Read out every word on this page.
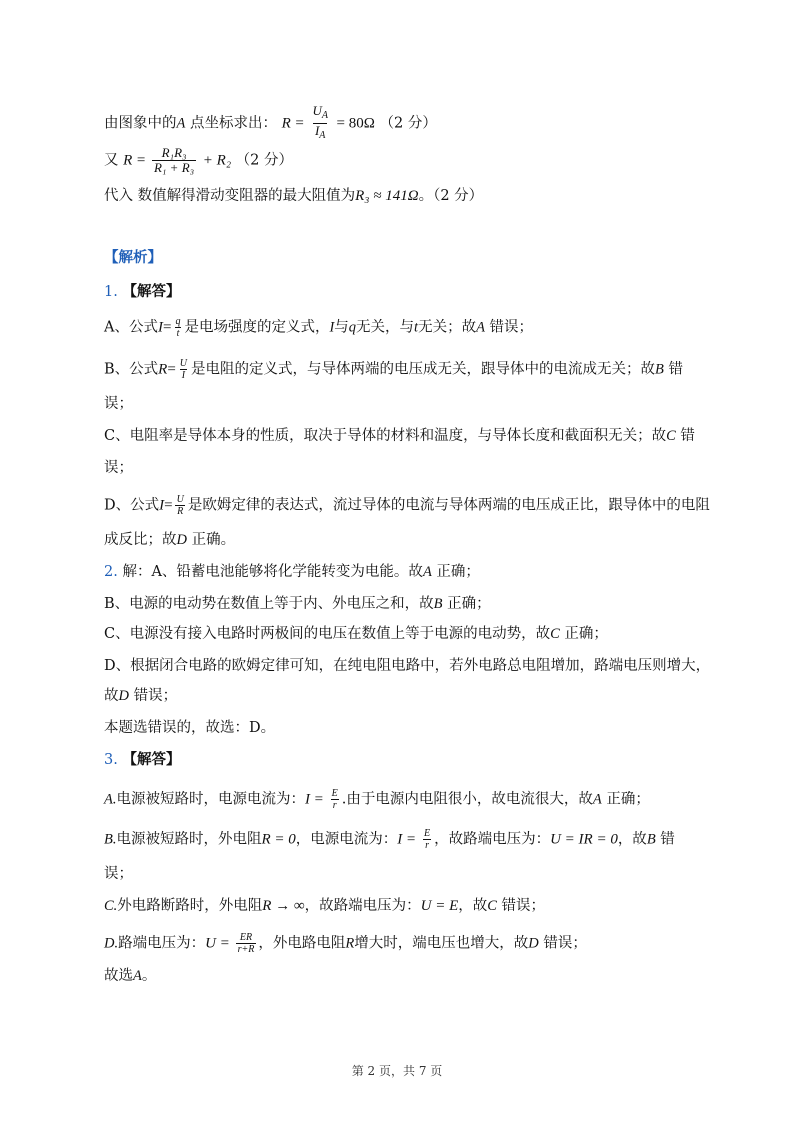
由图象中的A 点坐标求出： $R = \frac{U_A}{I_A} = 80\Omega$ （2 分）
又 $R = \frac{\text{R₁R₃}}{\text{R₁ + R₃}} + R_2$ （2 分）
代入 数值解得滑动变阻器的最大阻值为R₃ ≈ 141Ω。（2 分）
【解析】
1. 【解答】
A、公式$I= \frac{q}{t}$ 是电场强度的定义式，I与q无关，与t无关；故A 错误；
B、公式$R= \frac{U}{I}$ 是电阻的定义式，与导体两端的电压成无关，跟导体中的电流成无关；故B 错
误；
C、电阻率是导体本身的性质，取决于导体的材料和温度，与导体长度和截面积无关；故C 错
误；
D、公式$I= \frac{U}{R}$ 是欧姆定律的表达式，流过导体的电流与导体两端的电压成正比，跟导体中的电阻
成反比；故D 正确。
2. 解：A、铅蓄电池能够将化学能转变为电能。故A 正确；
B、电源的电动势在数值上等于内、外电压之和，故B 正确；
C、电源没有接入电路时两极间的电压在数值上等于电源的电动势，故C 正确；
D、根据闭合电路的欧姆定律可知，在纯电阻电路中，若外电路总电阻增加，路端电压则增大，
故D 错误；
本题选错误的，故选：D。
3. 【解答】
A.电源被短路时，电源电流为：$I = \frac{E}{r}$ .由于电源内电阻很小，故电流很大，故A 正确；
B.电源被短路时，外电阻R = 0，电源电流为：$I = \frac{E}{r}$ ，故路端电压为：U = IR = 0，故B 错
误；
C.外电路断路时，外电阻R → ∞，故路端电压为：U = E，故C 错误；
D.路端电压为：$U = \frac{ER}{r+R}$ ，外电路电阻R增大时，端电压也增大，故D 错误；
故选A。
第 2 页，共 7 页
